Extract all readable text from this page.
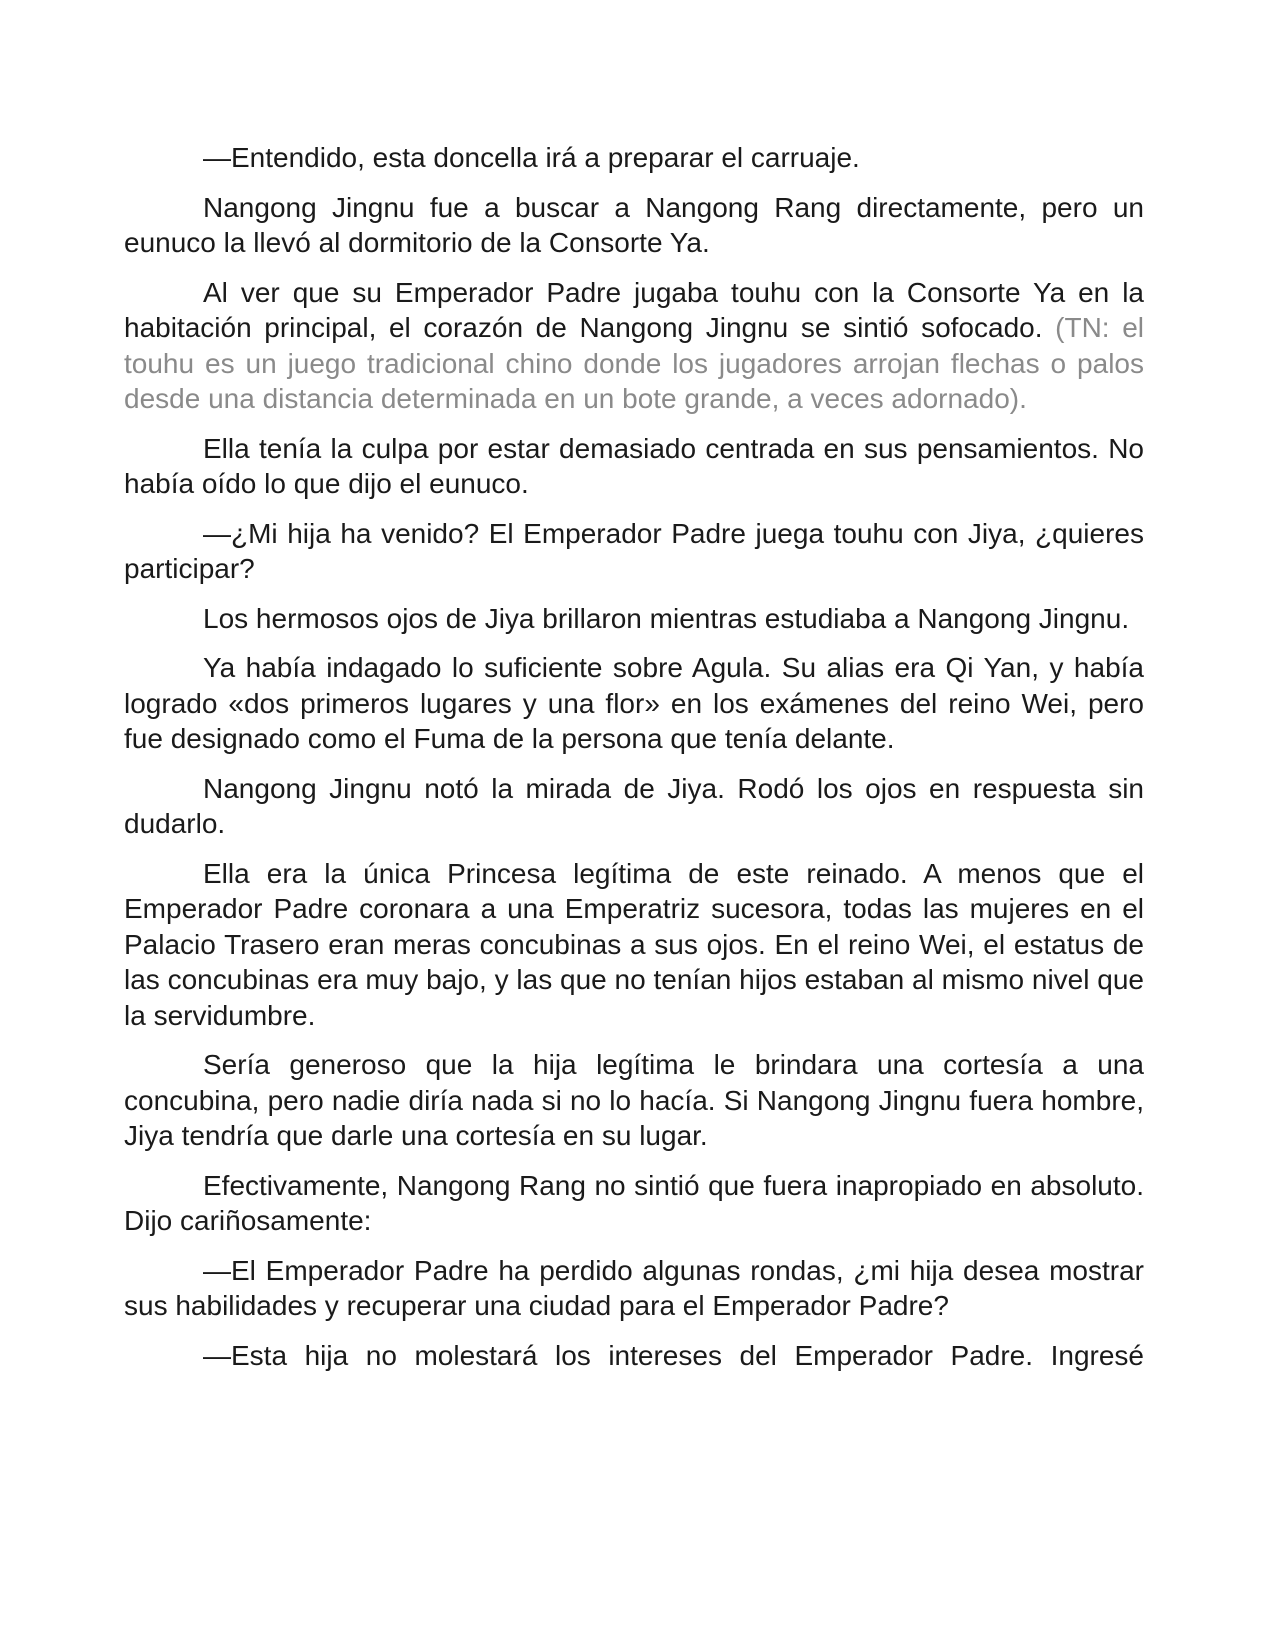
—Entendido, esta doncella irá a preparar el carruaje.

Nangong Jingnu fue a buscar a Nangong Rang directamente, pero un eunuco la llevó al dormitorio de la Consorte Ya.

Al ver que su Emperador Padre jugaba touhu con la Consorte Ya en la habitación principal, el corazón de Nangong Jingnu se sintió sofocado. (TN: el touhu es un juego tradicional chino donde los jugadores arrojan flechas o palos desde una distancia determinada en un bote grande, a veces adornado).

Ella tenía la culpa por estar demasiado centrada en sus pensamientos. No había oído lo que dijo el eunuco.

—¿Mi hija ha venido? El Emperador Padre juega touhu con Jiya, ¿quieres participar?

Los hermosos ojos de Jiya brillaron mientras estudiaba a Nangong Jingnu.

Ya había indagado lo suficiente sobre Agula. Su alias era Qi Yan, y había logrado «dos primeros lugares y una flor» en los exámenes del reino Wei, pero fue designado como el Fuma de la persona que tenía delante.

Nangong Jingnu notó la mirada de Jiya. Rodó los ojos en respuesta sin dudarlo.

Ella era la única Princesa legítima de este reinado. A menos que el Emperador Padre coronara a una Emperatriz sucesora, todas las mujeres en el Palacio Trasero eran meras concubinas a sus ojos. En el reino Wei, el estatus de las concubinas era muy bajo, y las que no tenían hijos estaban al mismo nivel que la servidumbre.

Sería generoso que la hija legítima le brindara una cortesía a una concubina, pero nadie diría nada si no lo hacía. Si Nangong Jingnu fuera hombre, Jiya tendría que darle una cortesía en su lugar.

Efectivamente, Nangong Rang no sintió que fuera inapropiado en absoluto. Dijo cariñosamente:

—El Emperador Padre ha perdido algunas rondas, ¿mi hija desea mostrar sus habilidades y recuperar una ciudad para el Emperador Padre?

—Esta hija no molestará los intereses del Emperador Padre. Ingresé
